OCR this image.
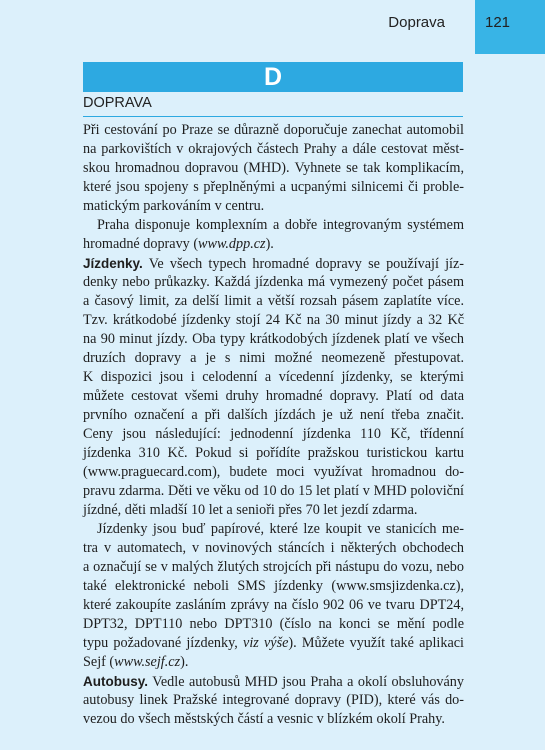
Doprava	121
D
DOPRAVA
Při cestování po Praze se důrazně doporučuje zanechat automobil
na parkovištích v okrajových částech Prahy a dále cestovat měst-
skou hromadnou dopravou (MHD). Vyhnete se tak komplikacím,
které jsou spojeny s přeplněnými a ucpanými silnicemi či proble-
matickým parkováním v centru.
Praha disponuje komplexním a dobře integrovaným systémem
hromadné dopravy (www.dpp.cz).
Jízdenky. Ve všech typech hromadné dopravy se používají jíz-
denky nebo průkazky. Každá jízdenka má vymezený počet pásem
a časový limit, za delší limit a větší rozsah pásem zaplatíte více.
Tzv. krátkodobé jízdenky stojí 24 Kč na 30 minut jízdy a 32 Kč
na 90 minut jízdy. Oba typy krátkodobých jízdenek platí ve všech
druzích dopravy a je s nimi možné neomezeně přestupovat.
K dispozici jsou i celodenní a vícedenní jízdenky, se kterými
můžete cestovat všemi druhy hromadné dopravy. Platí od data
prvního označení a při dalších jízdách je už není třeba značit.
Ceny jsou následující: jednodenní jízdenka 110 Kč, třídenní
jízdenka 310 Kč. Pokud si pořídíte pražskou turistickou kartu
(www.praguecard.com), budete moci využívat hromadnou do-
pravu zdarma. Děti ve věku od 10 do 15 let platí v MHD poloviční
jízdné, děti mladší 10 let a senioři přes 70 let jezdí zdarma.
Jízdenky jsou buď papírové, které lze koupit ve stanicích me-
tra v automatech, v novinových stáncích i některých obchodech
a označují se v malých žlutých strojcích při nástupu do vozu, nebo
také elektronické neboli SMS jízdenky (www.smsjizdenka.cz),
které zakoupíte zasláním zprávy na číslo 902 06 ve tvaru DPT24,
DPT32, DPT110 nebo DPT310 (číslo na konci se mění podle
typu požadované jízdenky, viz výše). Můžete využít také aplikaci
Sejf (www.sejf.cz).
Autobusy. Vedle autobusů MHD jsou Praha a okolí obsluhovány
autobusy linek Pražské integrované dopravy (PID), které vás do-
vezou do všech městských částí a vesnic v blízkém okolí Prahy.
